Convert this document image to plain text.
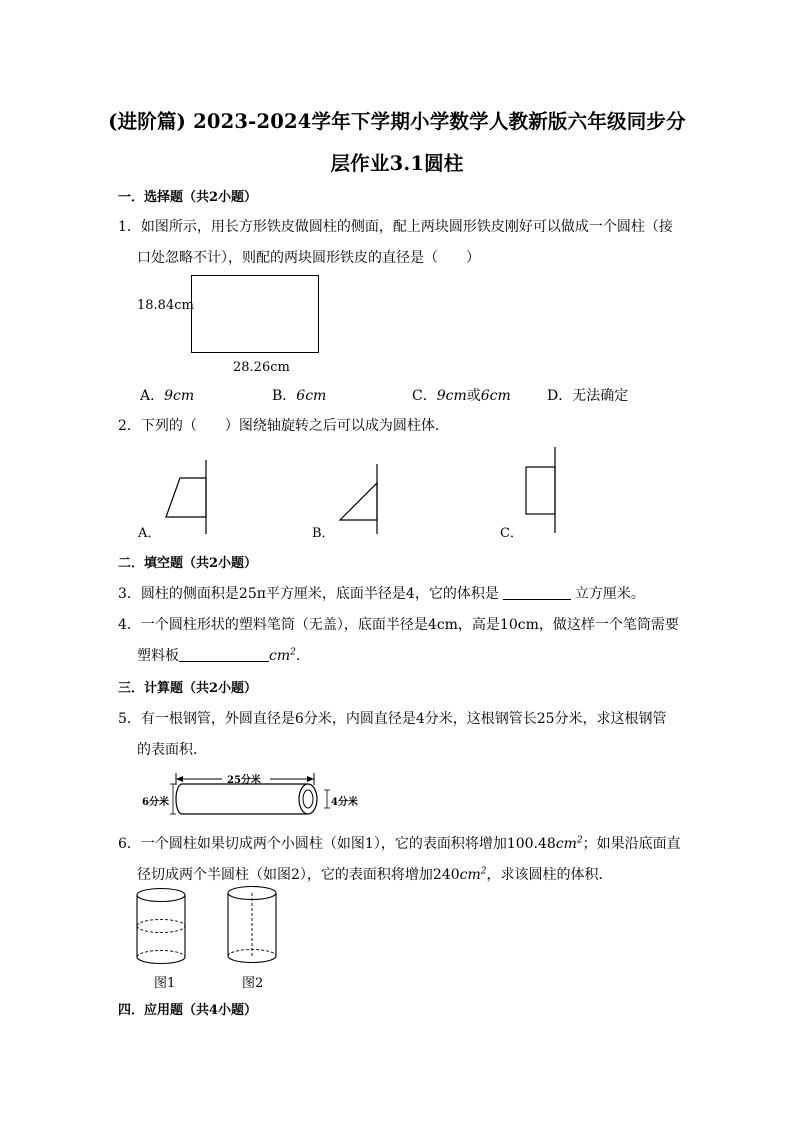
(进阶篇) 2023-2024学年下学期小学数学人教新版六年级同步分
层作业3.1圆柱
一．选择题（共2小题）
1．如图所示，用长方形铁皮做圆柱的侧面，配上两块圆形铁皮刚好可以做成一个圆柱（接
口处忽略不计），则配的两块圆形铁皮的直径是（　　）
18.84cm
28.26cm
A．9cm	B．6cm	C．9cm或6cm	D．无法确定
2．下列的（　　）图绕轴旋转之后可以成为圆柱体．
A．	B．	C．
二．填空题（共2小题）
3．圆柱的侧面积是25π平方厘米，底面半径是4，它的体积是	立方厘米。
4．一个圆柱形状的塑料笔筒（无盖），底面半径是4cm，高是10cm，做这样一个笔筒需要
塑料板	$cm^2$．
三．计算题（共2小题）
5．有一根钢管，外圆直径是6分米，内圆直径是4分米，这根钢管长25分米，求这根钢管
的表面积．
25分米
6分米	4分米
6．一个圆柱如果切成两个小圆柱（如图1），它的表面积将增加$100.48cm^2$；如果沿底面直
径切成两个半圆柱（如图2），它的表面积将增加$240cm^2$，求该圆柱的体积．
图1	图2
四．应用题（共4小题）
